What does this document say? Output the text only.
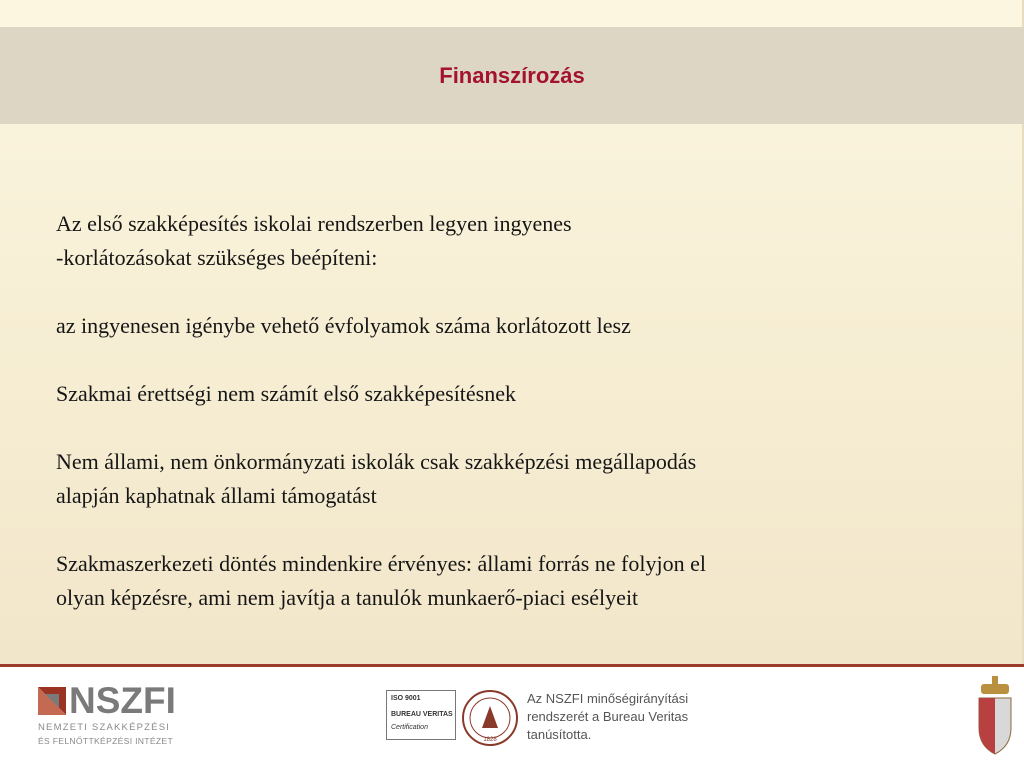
Finanszírozás

Az első szakképesítés iskolai rendszerben legyen ingyenes
-korlátozásokat szükséges beépíteni:

az ingyenesen igénybe vehető évfolyamok száma korlátozott lesz

Szakmai érettségi nem számít első szakképesítésnek

Nem állami, nem önkormányzati iskolák csak szakképzési megállapodás
alapján kaphatnak állami támogatást

Szakmaszerkezeti döntés mindenkire érvényes: állami forrás ne folyjon el
olyan képzésre, ami nem javítja a tanulók munkaerő-piaci esélyeit

NSZFI
NEMZETI SZAKKÉPZÉSI
ÉS FELNŐTTKÉPZÉSI INTÉZET
ISO 9001
BUREAU VERITAS
Certification
1828
Az NSZFI minőségirányítási
rendszerét a Bureau Veritas
tanúsította.
